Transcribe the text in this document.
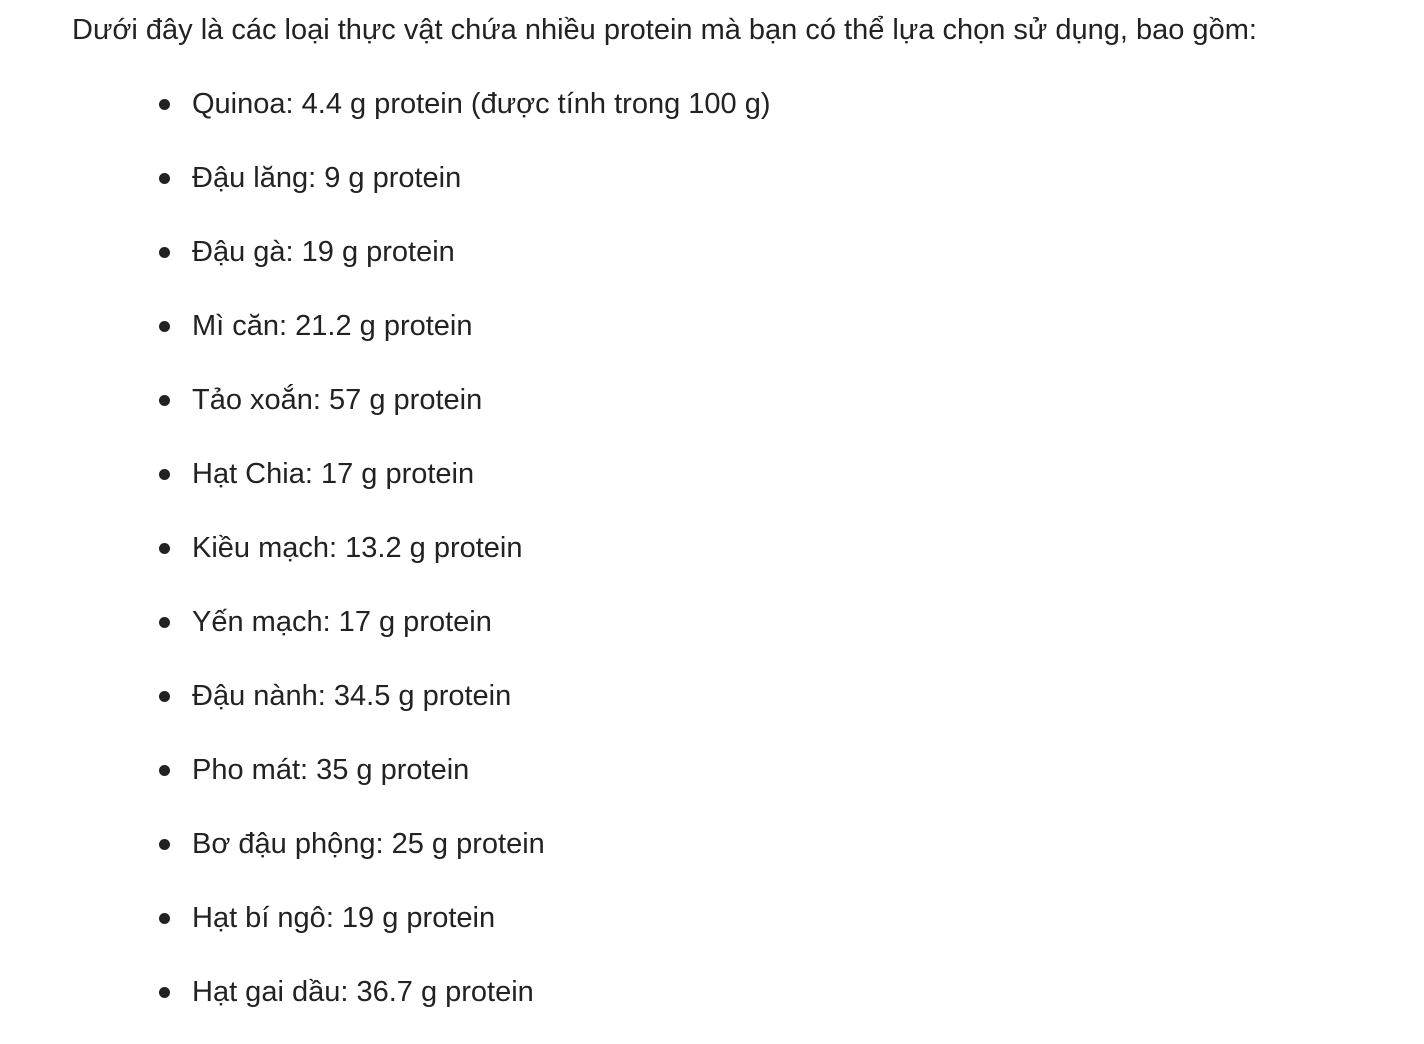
Dưới đây là các loại thực vật chứa nhiều protein mà bạn có thể lựa chọn sử dụng, bao gồm:

Quinoa: 4.4 g protein (được tính trong 100 g)
Đậu lăng: 9 g protein
Đậu gà: 19 g protein
Mì căn: 21.2 g protein
Tảo xoắn: 57 g protein
Hạt Chia: 17 g protein
Kiều mạch: 13.2 g protein
Yến mạch: 17 g protein
Đậu nành: 34.5 g protein
Pho mát: 35 g protein
Bơ đậu phộng: 25 g protein
Hạt bí ngô: 19 g protein
Hạt gai dầu: 36.7 g protein
